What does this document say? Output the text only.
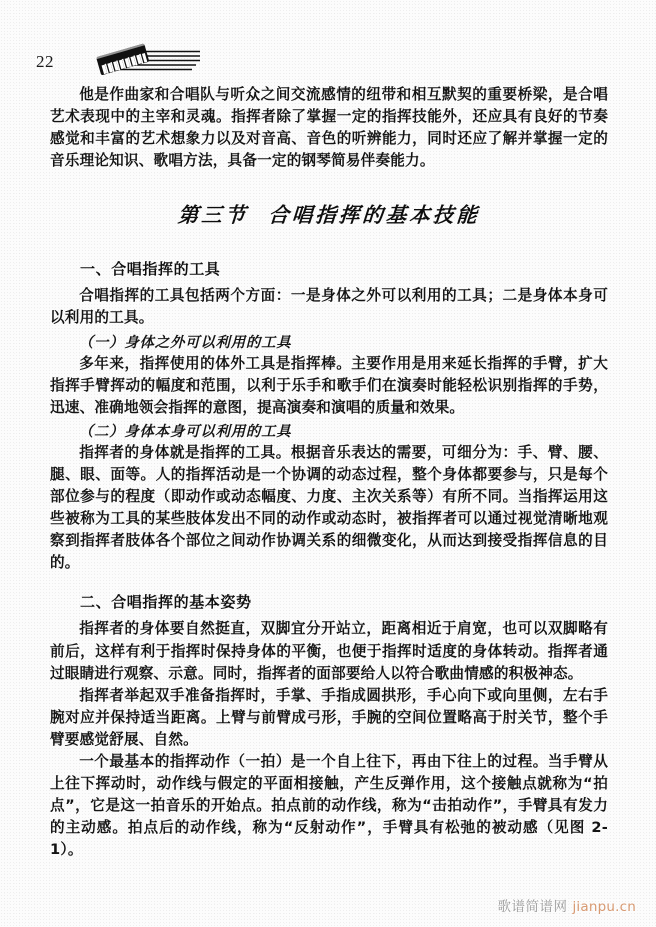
22

他是作曲家和合唱队与听众之间交流感情的纽带和相互默契的重要桥梁，是合唱艺术表现中的主宰和灵魂。指挥者除了掌握一定的指挥技能外，还应具有良好的节奏感觉和丰富的艺术想象力以及对音高、音色的听辨能力，同时还应了解并掌握一定的音乐理论知识、歌唱方法，具备一定的钢琴简易伴奏能力。

第三节 合唱指挥的基本技能
一、合唱指挥的工具

合唱指挥的工具包括两个方面：一是身体之外可以利用的工具；二是身体本身可以利用的工具。

（一）身体之外可以利用的工具

多年来，指挥使用的体外工具是指挥棒。主要作用是用来延长指挥的手臂，扩大指挥手臂挥动的幅度和范围，以利于乐手和歌手们在演奏时能轻松识别指挥的手势，迅速、准确地领会指挥的意图，提高演奏和演唱的质量和效果。

（二）身体本身可以利用的工具

指挥者的身体就是指挥的工具。根据音乐表达的需要，可细分为：手、臂、腰、腿、眼、面等。人的指挥活动是一个协调的动态过程，整个身体都要参与，只是每个部位参与的程度（即动作或动态幅度、力度、主次关系等）有所不同。当指挥运用这些被称为工具的某些肢体发出不同的动作或动态时，被指挥者可以通过视觉清晰地观察到指挥者肢体各个部位之间动作协调关系的细微变化，从而达到接受指挥信息的目的。

二、合唱指挥的基本姿势

指挥者的身体要自然挺直，双脚宜分开站立，距离相近于肩宽，也可以双脚略有前后，这样有利于指挥时保持身体的平衡，也便于指挥时适度的身体转动。指挥者通过眼睛进行观察、示意。同时，指挥者的面部要给人以符合歌曲情感的积极神态。

指挥者举起双手准备指挥时，手掌、手指成圆拱形，手心向下或向里侧，左右手腕对应并保持适当距离。上臂与前臂成弓形，手腕的空间位置略高于肘关节，整个手臂要感觉舒展、自然。

一个最基本的指挥动作（一拍）是一个自上往下，再由下往上的过程。当手臂从上往下挥动时，动作线与假定的平面相接触，产生反弹作用，这个接触点就称为“拍点”，它是这一拍音乐的开始点。拍点前的动作线，称为“击拍动作”，手臂具有发力的主动感。拍点后的动作线，称为“反射动作”，手臂具有松弛的被动感（见图 2-1）。

歌谱简谱网 jianpu.cn
